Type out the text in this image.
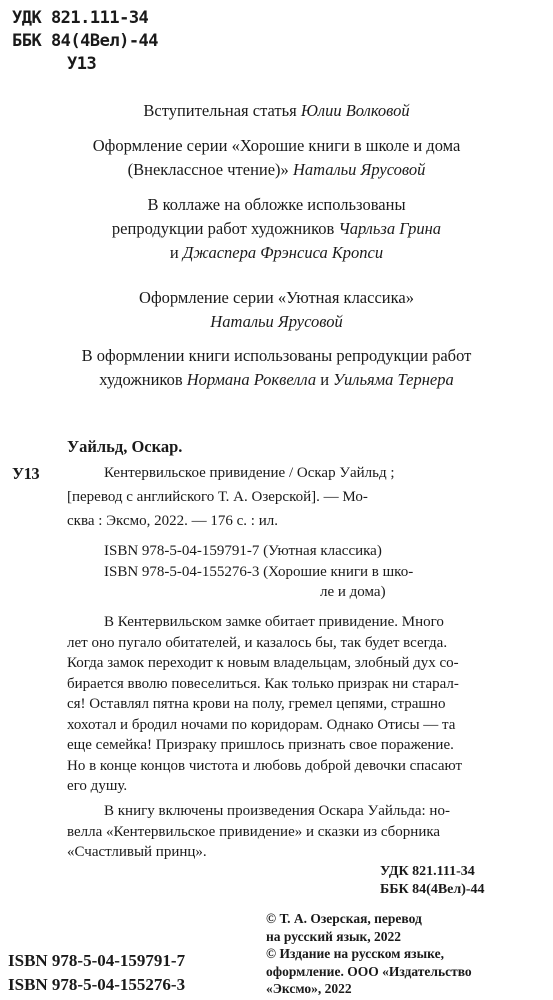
УДК 821.111-34
ББК 84(4Вел)-44
У13
Вступительная статья Юлии Волковой
Оформление серии «Хорошие книги в школе и дома
(Внеклассное чтение)» Натальи Ярусовой
В коллаже на обложке использованы
репродукции работ художников Чарльза Грина
и Джаспера Фрэнсиса Кропси
Оформление серии «Уютная классика»
Натальи Ярусовой
В оформлении книги использованы репродукции работ
художников Нормана Роквелла и Уильяма Тернера
Уайльд, Оскар.
У13	Кентервильское привидение / Оскар Уайльд ;
[перевод с английского Т. А. Озерской]. — Мо-
сква : Эксмо, 2022. — 176 с. : ил.
ISBN 978-5-04-159791-7 (Уютная классика)
ISBN 978-5-04-155276-3 (Хорошие книги в шко-
ле и дома)
В Кентервильском замке обитает привидение. Много
лет оно пугало обитателей, и казалось бы, так будет всегда.
Когда замок переходит к новым владельцам, злобный дух со-
бирается вволю повеселиться. Как только призрак ни старал-
ся! Оставлял пятна крови на полу, гремел цепями, страшно
хохотал и бродил ночами по коридорам. Однако Отисы — та
еще семейка! Призраку пришлось признать свое поражение.
Но в конце концов чистота и любовь доброй девочки спасают
его душу.
В книгу включены произведения Оскара Уайльда: но-
велла «Кентервильское привидение» и сказки из сборника
«Счастливый принц».
УДК 821.111-34
ББК 84(4Вел)-44
ISBN 978-5-04-159791-7
ISBN 978-5-04-155276-3
© Т. А. Озерская, перевод
на русский язык, 2022
© Издание на русском языке,
оформление. ООО «Издательство
«Эксмо», 2022
